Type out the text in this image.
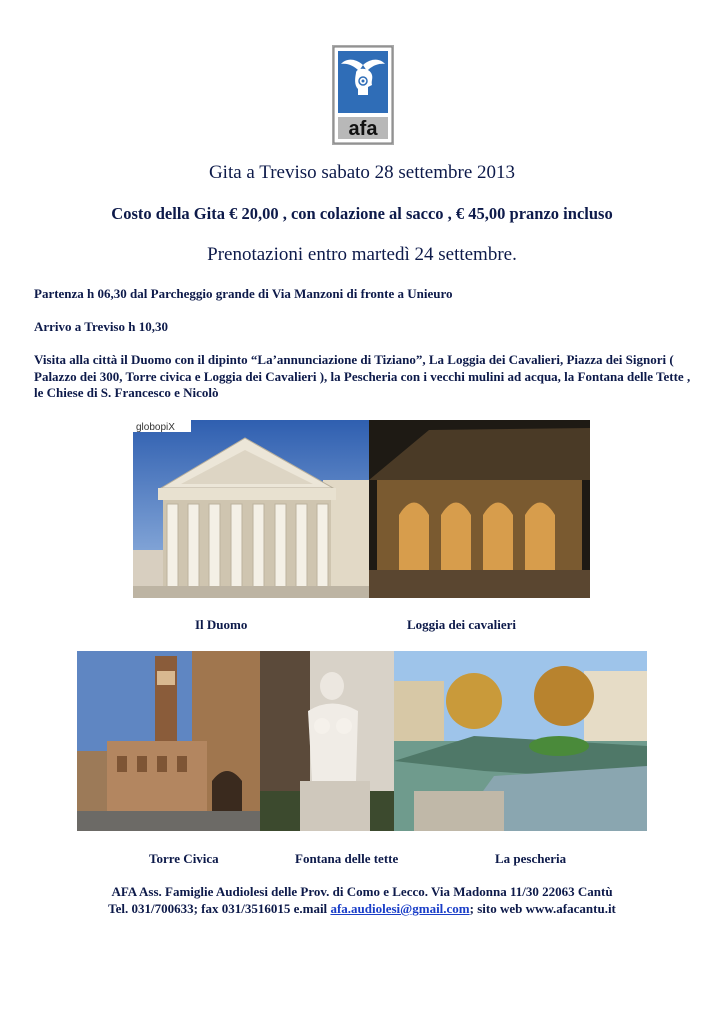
afa
Gita a Treviso sabato 28 settembre 2013
Costo della Gita € 20,00 , con colazione al sacco , € 45,00 pranzo incluso
Prenotazioni entro martedì 24 settembre.
Partenza h 06,30 dal Parcheggio grande di Via Manzoni di fronte a Unieuro
Arrivo a Treviso h 10,30
Visita alla città il Duomo con il dipinto “La’annunciazione di Tiziano”, La Loggia dei Cavalieri, Piazza dei Signori ( Palazzo dei 300, Torre civica e Loggia dei Cavalieri ), la Pescheria con i vecchi mulini ad acqua, la Fontana delle Tette , le Chiese di S. Francesco e Nicolò
globopiX
Il Duomo	Loggia dei cavalieri
Torre Civica	Fontana delle tette	La pescheria
AFA Ass. Famiglie Audiolesi delle Prov. di Como e Lecco. Via Madonna 11/30 22063 Cantù
Tel. 031/700633; fax 031/3516015 e.mail afa.audiolesi@gmail.com; sito web www.afacantu.it
